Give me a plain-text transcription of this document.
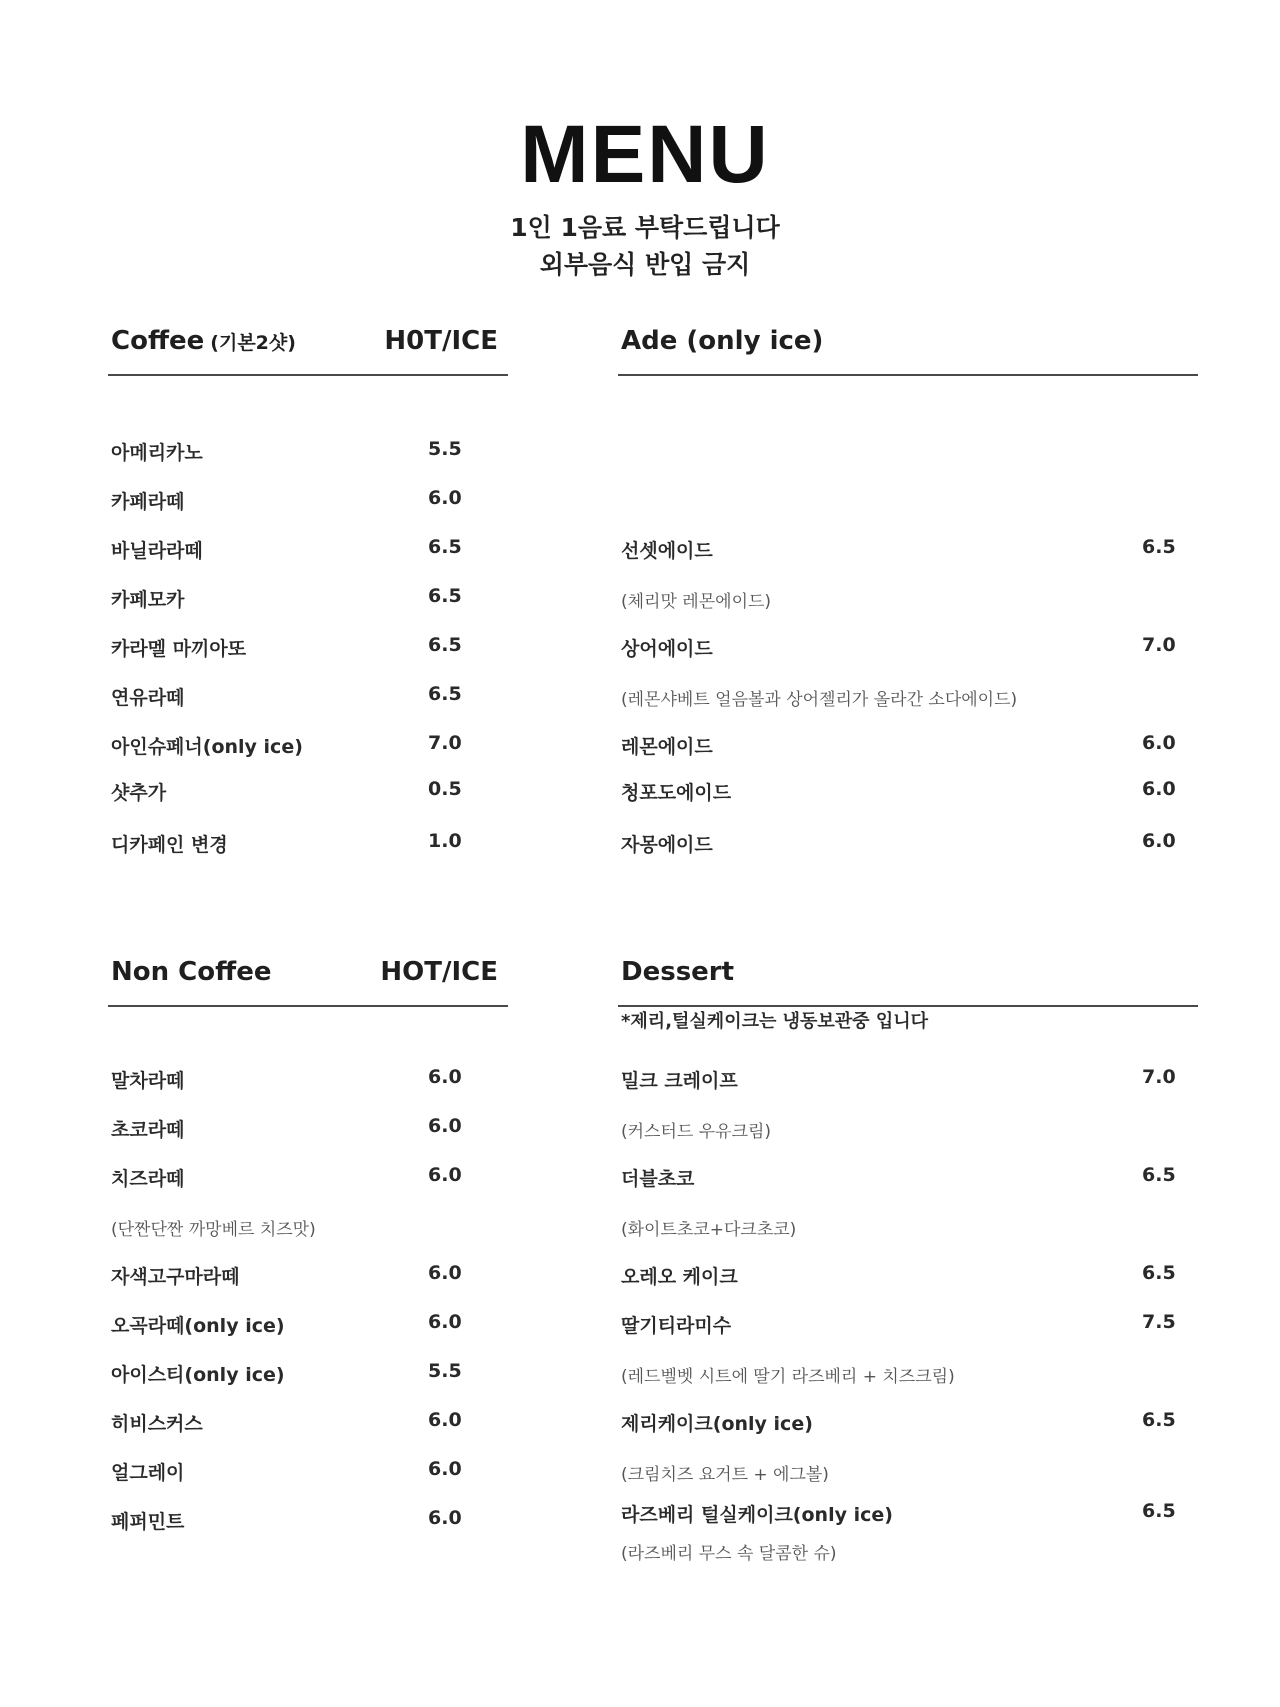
MENU
1인 1음료 부탁드립니다
외부음식 반입 금지
Coffee (기본2샷)	H0T/ICE
아메리카노	5.5
카페라떼	6.0
바닐라라떼	6.5
카페모카	6.5
카라멜 마끼아또	6.5
연유라떼	6.5
아인슈페너(only ice)	7.0
샷추가	0.5
디카페인 변경	1.0
Ade (only ice)
선셋에이드	6.5
(체리맛 레몬에이드)
상어에이드	7.0
(레몬샤베트 얼음볼과 상어젤리가 올라간 소다에이드)
레몬에이드	6.0
청포도에이드	6.0
자몽에이드	6.0
Non Coffee	HOT/ICE
말차라떼	6.0
초코라떼	6.0
치즈라떼	6.0
(단짠단짠 까망베르 치즈맛)
자색고구마라떼	6.0
오곡라떼(only ice)	6.0
아이스티(only ice)	5.5
히비스커스	6.0
얼그레이	6.0
페퍼민트	6.0
Dessert
밀크 크레이프	7.0
(커스터드 우유크림)
더블초코	6.5
(화이트초코+다크초코)
오레오 케이크	6.5
딸기티라미수	7.5
(레드벨벳 시트에 딸기 라즈베리 + 치즈크림)
제리케이크(only ice)	6.5
(크림치즈 요거트 + 에그볼)
라즈베리 털실케이크(only ice)	6.5
(라즈베리 무스 속 달콤한 슈)
*제리,털실케이크는 냉동보관중 입니다
